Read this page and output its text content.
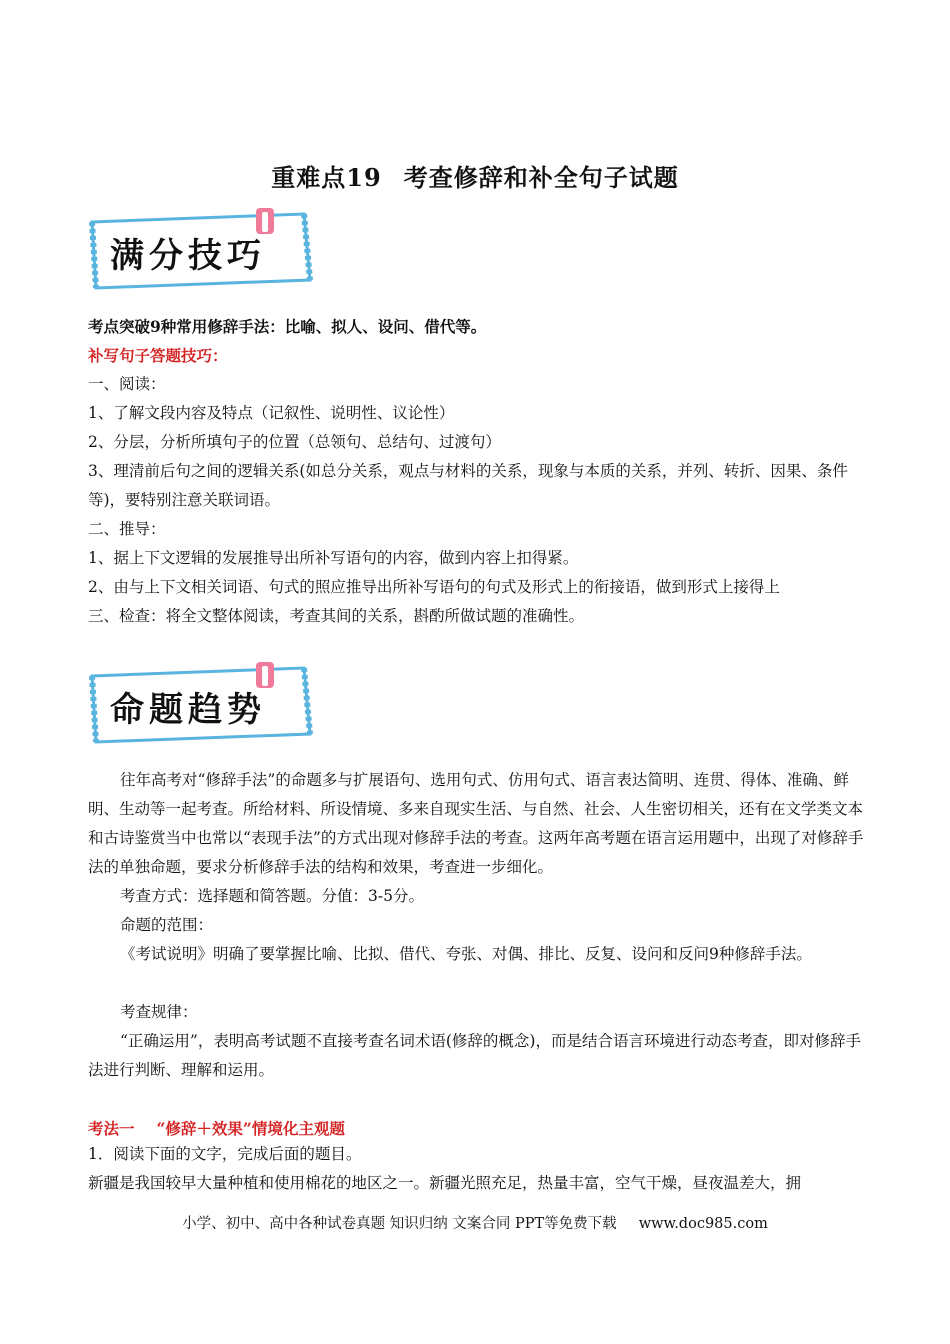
重难点19 考查修辞和补全句子试题
满分技巧
考点突破9种常用修辞手法：比喻、拟人、设问、借代等。
补写句子答题技巧：
一、阅读：
1、了解文段内容及特点（记叙性、说明性、议论性）
2、分层，分析所填句子的位置（总领句、总结句、过渡句）
3、理清前后句之间的逻辑关系(如总分关系，观点与材料的关系，现象与本质的关系，并列、转折、因果、条件等)，要特别注意关联词语。
二、推导：
1、据上下文逻辑的发展推导出所补写语句的内容，做到内容上扣得紧。
2、由与上下文相关词语、句式的照应推导出所补写语句的句式及形式上的衔接语，做到形式上接得上
三、检查：将全文整体阅读，考查其间的关系，斟酌所做试题的准确性。
命题趋势
往年高考对“修辞手法”的命题多与扩展语句、选用句式、仿用句式、语言表达简明、连贯、得体、准确、鲜明、生动等一起考查。所给材料、所设情境、多来自现实生活、与自然、社会、人生密切相关，还有在文学类文本和古诗鉴赏当中也常以“表现手法”的方式出现对修辞手法的考查。这两年高考题在语言运用题中，出现了对修辞手法的单独命题，要求分析修辞手法的结构和效果，考查进一步细化。
考查方式：选择题和简答题。分值：3-5分。
命题的范围：
《考试说明》明确了要掌握比喻、比拟、借代、夸张、对偶、排比、反复、设问和反问9种修辞手法。
考查规律：
“正确运用”，表明高考试题不直接考查名词术语(修辞的概念)，而是结合语言环境进行动态考查，即对修辞手法进行判断、理解和运用。
考法一 “修辞＋效果”情境化主观题
1．阅读下面的文字，完成后面的题目。
新疆是我国较早大量种植和使用棉花的地区之一。新疆光照充足，热量丰富，空气干燥，昼夜温差大，拥
小学、初中、高中各种试卷真题 知识归纳 文案合同 PPT等免费下载 www.doc985.com
